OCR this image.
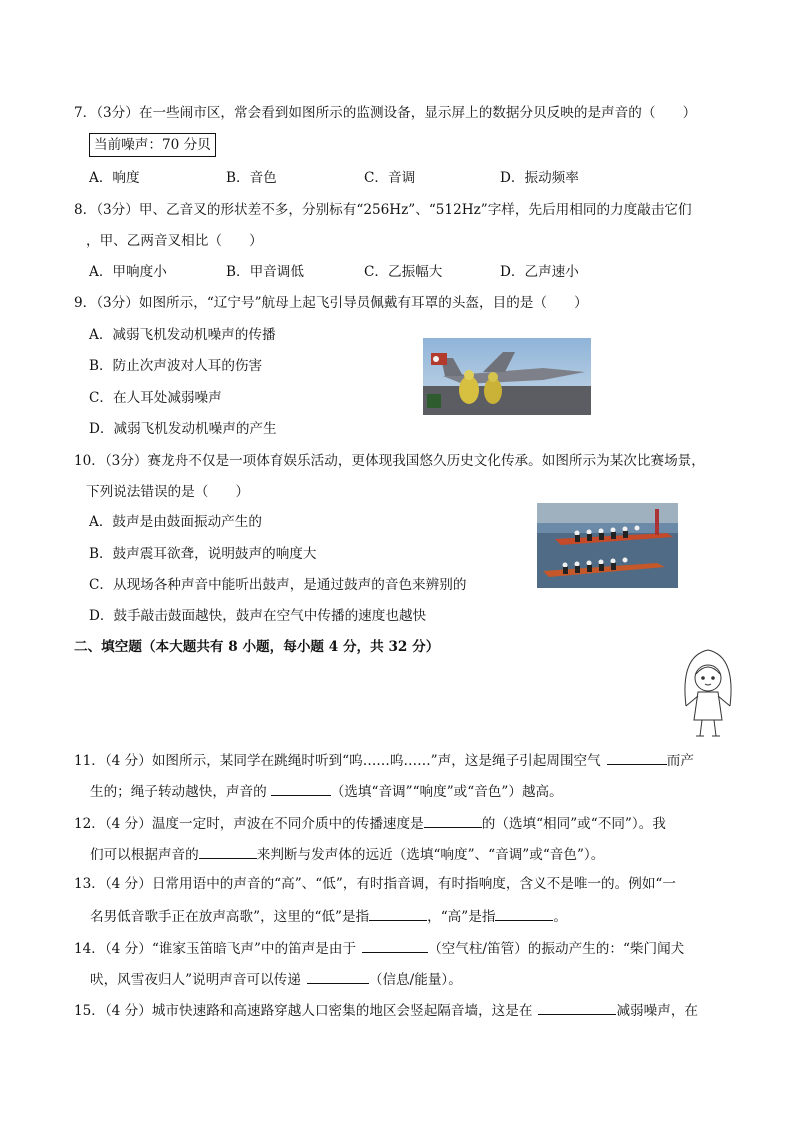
7．（3分）在一些闹市区，常会看到如图所示的监测设备，显示屏上的数据分贝反映的是声音的（　　）
当前噪声：70 分贝
A．响度	B．音色	C．音调	D．振动频率
8．（3分）甲、乙音叉的形状差不多，分别标有“256Hz”、“512Hz”字样，先后用相同的力度敲击它们
，甲、乙两音叉相比（　　）
A．甲响度小	B．甲音调低	C．乙振幅大	D．乙声速小
9．（3分）如图所示，“辽宁号”航母上起飞引导员佩戴有耳罩的头盔，目的是（　　）
A．减弱飞机发动机噪声的传播
B．防止次声波对人耳的伤害
C．在人耳处减弱噪声
D．减弱飞机发动机噪声的产生
10．（3分）赛龙舟不仅是一项体育娱乐活动，更体现我国悠久历史文化传承。如图所示为某次比赛场景，
下列说法错误的是（　　）
A．鼓声是由鼓面振动产生的
B．鼓声震耳欲聋，说明鼓声的响度大
C．从现场各种声音中能听出鼓声，是通过鼓声的音色来辨别的
D．鼓手敲击鼓面越快，鼓声在空气中传播的速度也越快
二、填空题（本大题共有 8 小题，每小题 4 分，共 32 分）
11．（4 分）如图所示，某同学在跳绳时听到“呜……呜……”声，这是绳子引起周围空气	而产
生的；绳子转动越快，声音的	（选填“音调”“响度”或“音色”）越高。
12．（4 分）温度一定时，声波在不同介质中的传播速度是	的（选填“相同”或“不同”）。我
们可以根据声音的	来判断与发声体的远近（选填“响度”、“音调”或“音色”）。
13．（4 分）日常用语中的声音的“高”、“低”，有时指音调，有时指响度，含义不是唯一的。例如“一
名男低音歌手正在放声高歌”，这里的“低”是指	，“高”是指	。
14．（4 分）“谁家玉笛暗飞声”中的笛声是由于	（空气柱/笛管）的振动产生的：“柴门闻犬
吠，风雪夜归人”说明声音可以传递	（信息/能量）。
15．（4 分）城市快速路和高速路穿越人口密集的地区会竖起隔音墙，这是在	减弱噪声，在
